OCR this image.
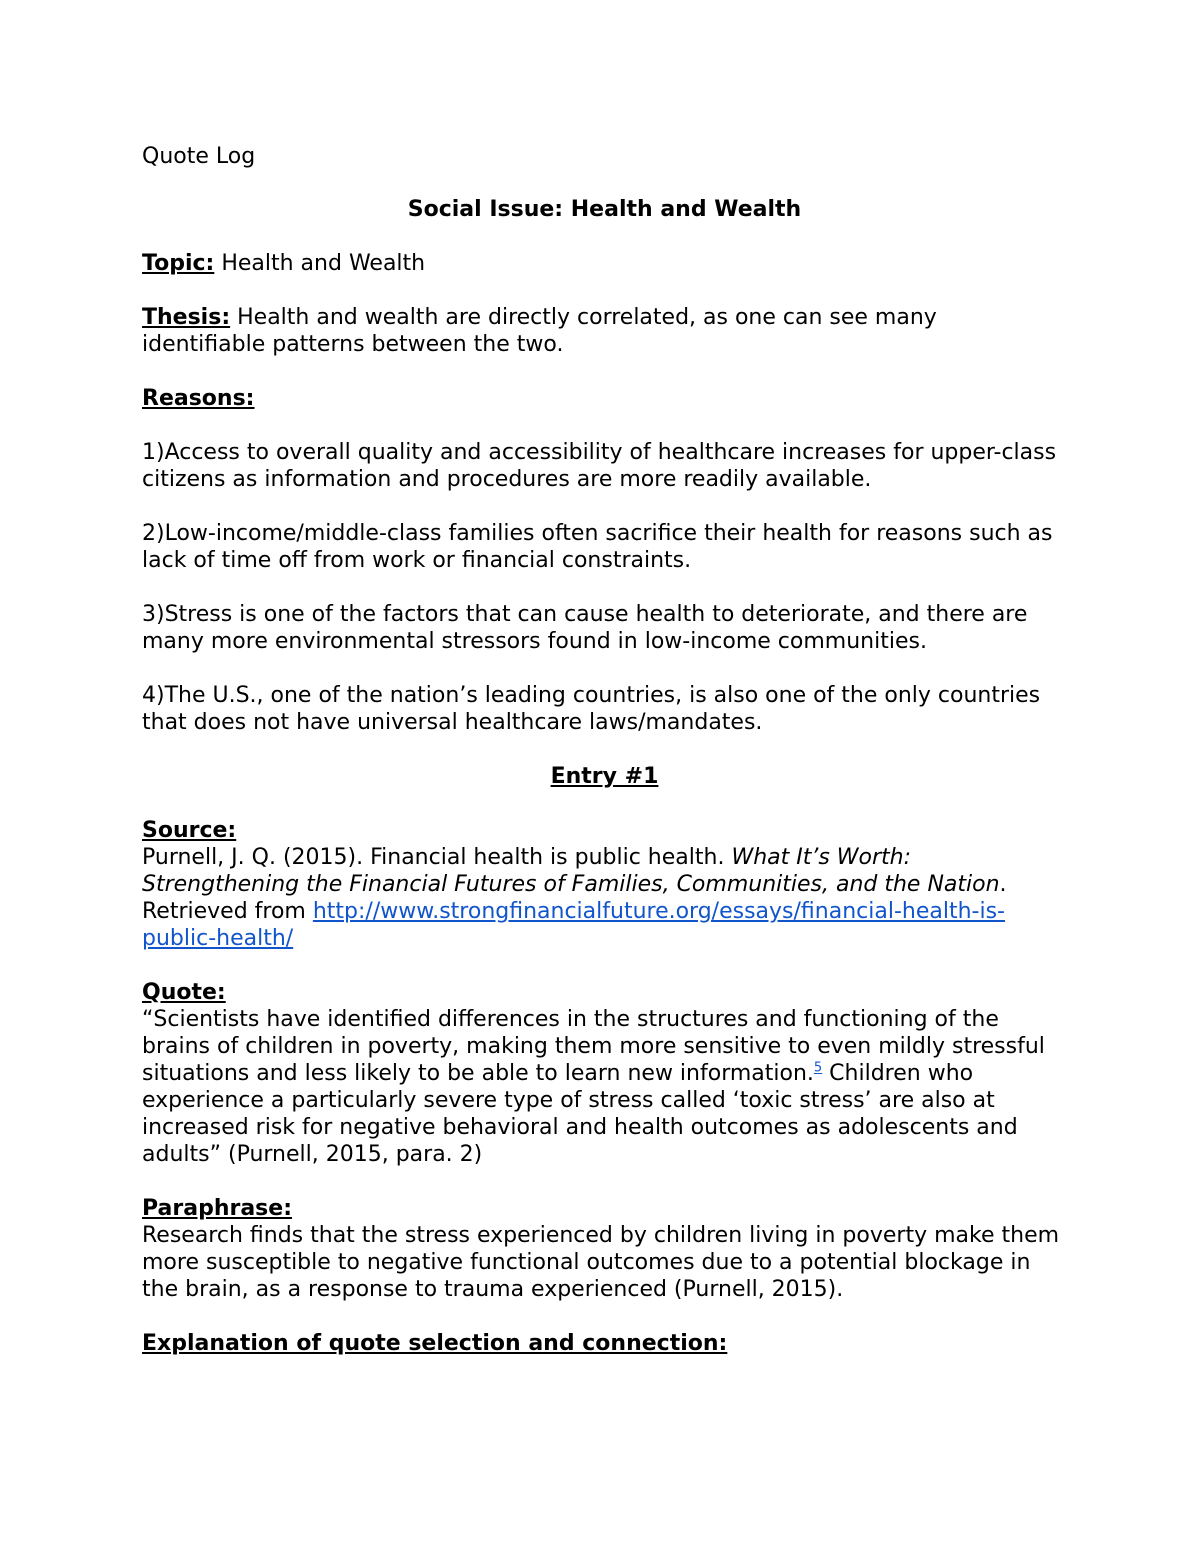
Quote Log

Social Issue: Health and Wealth

Topic: Health and Wealth

Thesis: Health and wealth are directly correlated, as one can see many identifiable patterns between the two.

Reasons:

1)Access to overall quality and accessibility of healthcare increases for upper-class citizens as information and procedures are more readily available.

2)Low-income/middle-class families often sacrifice their health for reasons such as lack of time off from work or financial constraints.

3)Stress is one of the factors that can cause health to deteriorate, and there are many more environmental stressors found in low-income communities.

4)The U.S., one of the nation’s leading countries, is also one of the only countries that does not have universal healthcare laws/mandates.

Entry #1

Source:

Purnell, J. Q. (2015). Financial health is public health. What It’s Worth: Strengthening the Financial Futures of Families, Communities, and the Nation. Retrieved from http://www.strongfinancialfuture.org/essays/financial-health-is-public-health/

Quote:

“Scientists have identified differences in the structures and functioning of the brains of children in poverty, making them more sensitive to even mildly stressful situations and less likely to be able to learn new information.$^5$ Children who experience a particularly severe type of stress called ‘toxic stress’ are also at increased risk for negative behavioral and health outcomes as adolescents and adults” (Purnell, 2015, para. 2)

Paraphrase:

Research finds that the stress experienced by children living in poverty make them more susceptible to negative functional outcomes due to a potential blockage in the brain, as a response to trauma experienced (Purnell, 2015).

Explanation of quote selection and connection:
